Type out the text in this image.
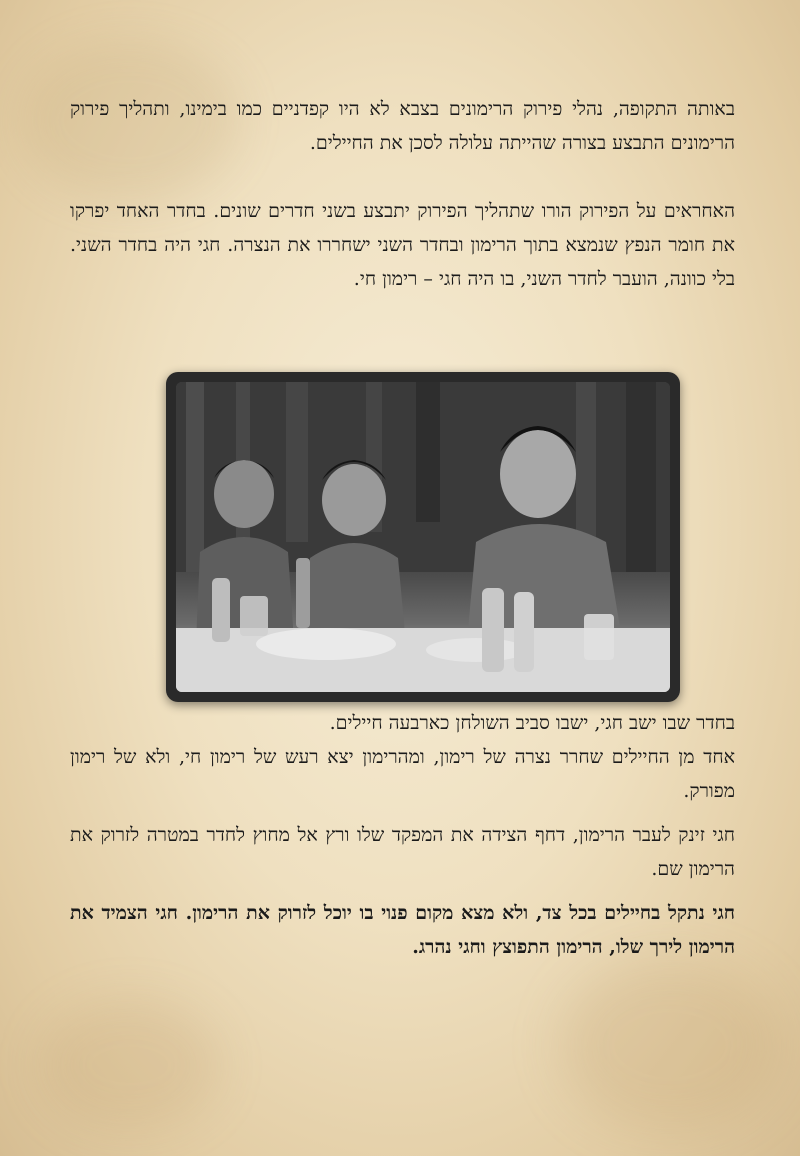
באותה התקופה, נהלי פירוק הרימונים בצבא לא היו קפדניים כמו בימינו, ותהליך פירוק הרימונים התבצע בצורה שהייתה עלולה לסכן את החיילים.

האחראים על הפירוק הורו שתהליך הפירוק יתבצע בשני חדרים שונים. בחדר האחד יפרקו את חומר הנפץ שנמצא בתוך הרימון ובחדר השני ישחררו את הנצרה. חגי היה בחדר השני. בלי כוונה, הועבר לחדר השני, בו היה חגי – רימון חי.

בחדר שבו ישב חגי, ישבו סביב השולחן כארבעה חיילים.

אחד מן החיילים שחרר נצרה של רימון, ומהרימון יצא רעש של רימון חי, ולא של רימון מפורק.

חגי זינק לעבר הרימון, דחף הצידה את המפקד שלו ורץ אל מחוץ לחדר במטרה לזרוק את הרימון שם.

חגי נתקל בחיילים בכל צד, ולא מצא מקום פנוי בו יוכל לזרוק את הרימון. חגי הצמיד את הרימון לירך שלו, הרימון התפוצץ וחגי נהרג.
